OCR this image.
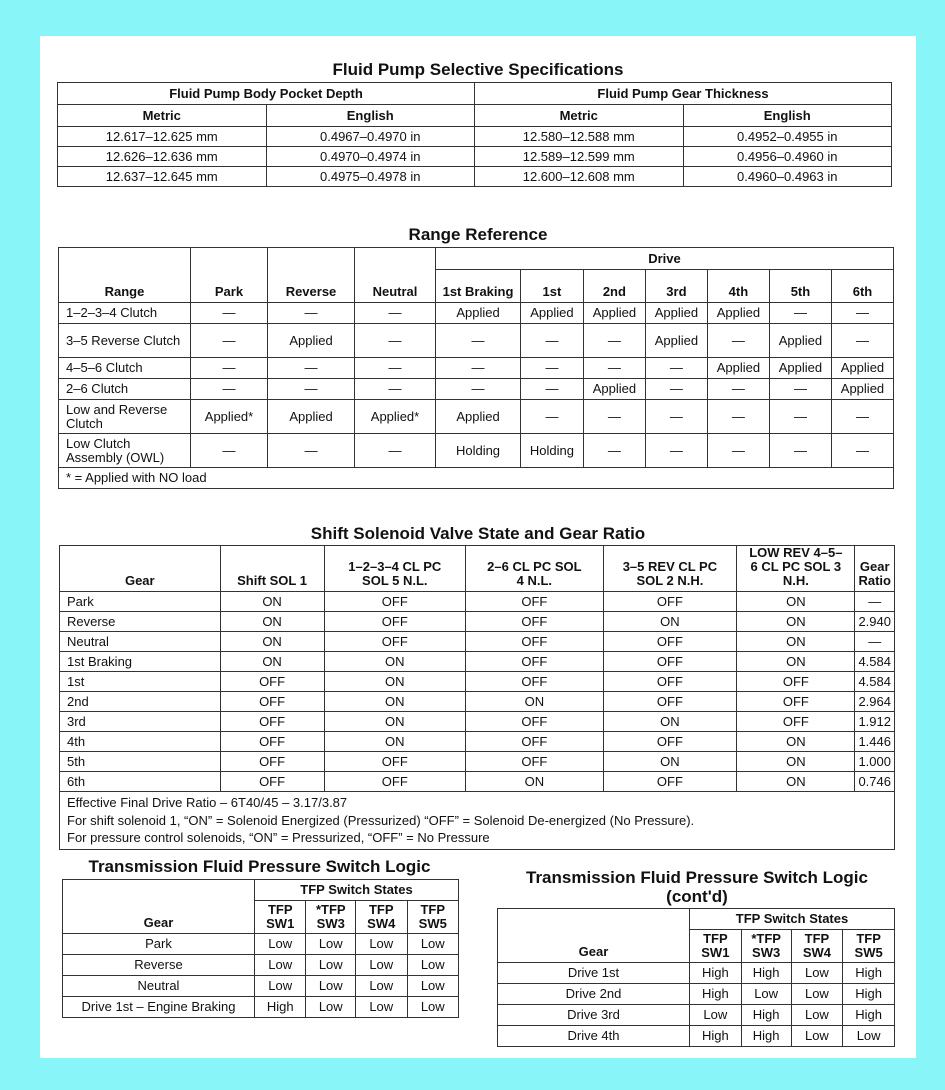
Fluid Pump Selective Specifications
Fluid Pump Body Pocket Depth		Fluid Pump Gear Thickness	
Metric	English	Metric	English
12.617–12.625 mm	0.4967–0.4970 in	12.580–12.588 mm	0.4952–0.4955 in
12.626–12.636 mm	0.4970–0.4974 in	12.589–12.599 mm	0.4956–0.4960 in
12.637–12.645 mm	0.4975–0.4978 in	12.600–12.608 mm	0.4960–0.4963 in
Range Reference
Range	Park	Reverse	Neutral	Drive						
				1st Braking	1st	2nd	3rd	4th	5th	6th
1–2–3–4 Clutch	—	—	—	Applied	Applied	Applied	Applied	Applied	—	—
3–5 Reverse Clutch	—	Applied	—	—	—	—	Applied	—	Applied	—
4–5–6 Clutch	—	—	—	—	—	—	—	Applied	Applied	Applied
2–6 Clutch	—	—	—	—	—	Applied	—	—	—	Applied
Low and Reverse Clutch	Applied*	Applied	Applied*	Applied	—	—	—	—	—	—
Low Clutch Assembly (OWL)	—	—	—	Holding	Holding	—	—	—	—	—
* = Applied with NO load										
Shift Solenoid Valve State and Gear Ratio
Gear	Shift SOL 1	1–2–3–4 CL PC SOL 5 N.L.	2–6 CL PC SOL 4 N.L.	3–5 REV CL PC SOL 2 N.H.	LOW REV 4–5–6 CL PC SOL 3 N.H.	Gear Ratio
Park	ON	OFF	OFF	OFF	ON	—
Reverse	ON	OFF	OFF	ON	ON	2.940
Neutral	ON	OFF	OFF	OFF	ON	—
1st Braking	ON	ON	OFF	OFF	ON	4.584
1st	OFF	ON	OFF	OFF	OFF	4.584
2nd	OFF	ON	ON	OFF	OFF	2.964
3rd	OFF	ON	OFF	ON	OFF	1.912
4th	OFF	ON	OFF	OFF	ON	1.446
5th	OFF	OFF	OFF	ON	ON	1.000
6th	OFF	OFF	ON	OFF	ON	0.746

Effective Final Drive Ratio – 6T40/45 – 3.17/3.87
For shift solenoid 1, “ON” = Solenoid Energized (Pressurized) “OFF” = Solenoid De-energized (No Pressure).
For pressure control solenoids, “ON” = Pressurized, “OFF” = No Pressure						
Transmission Fluid Pressure Switch Logic
Gear	TFP Switch States			
	TFP SW1	*TFP SW3	TFP SW4	TFP SW5
Park	Low	Low	Low	Low
Reverse	Low	Low	Low	Low
Neutral	Low	Low	Low	Low
Drive 1st – Engine Braking	High	Low	Low	Low
Transmission Fluid Pressure Switch Logic
(cont'd)
Gear	TFP Switch States			
	TFP SW1	*TFP SW3	TFP SW4	TFP SW5
Drive 1st	High	High	Low	High
Drive 2nd	High	Low	Low	High
Drive 3rd	Low	High	Low	High
Drive 4th	High	High	Low	Low
